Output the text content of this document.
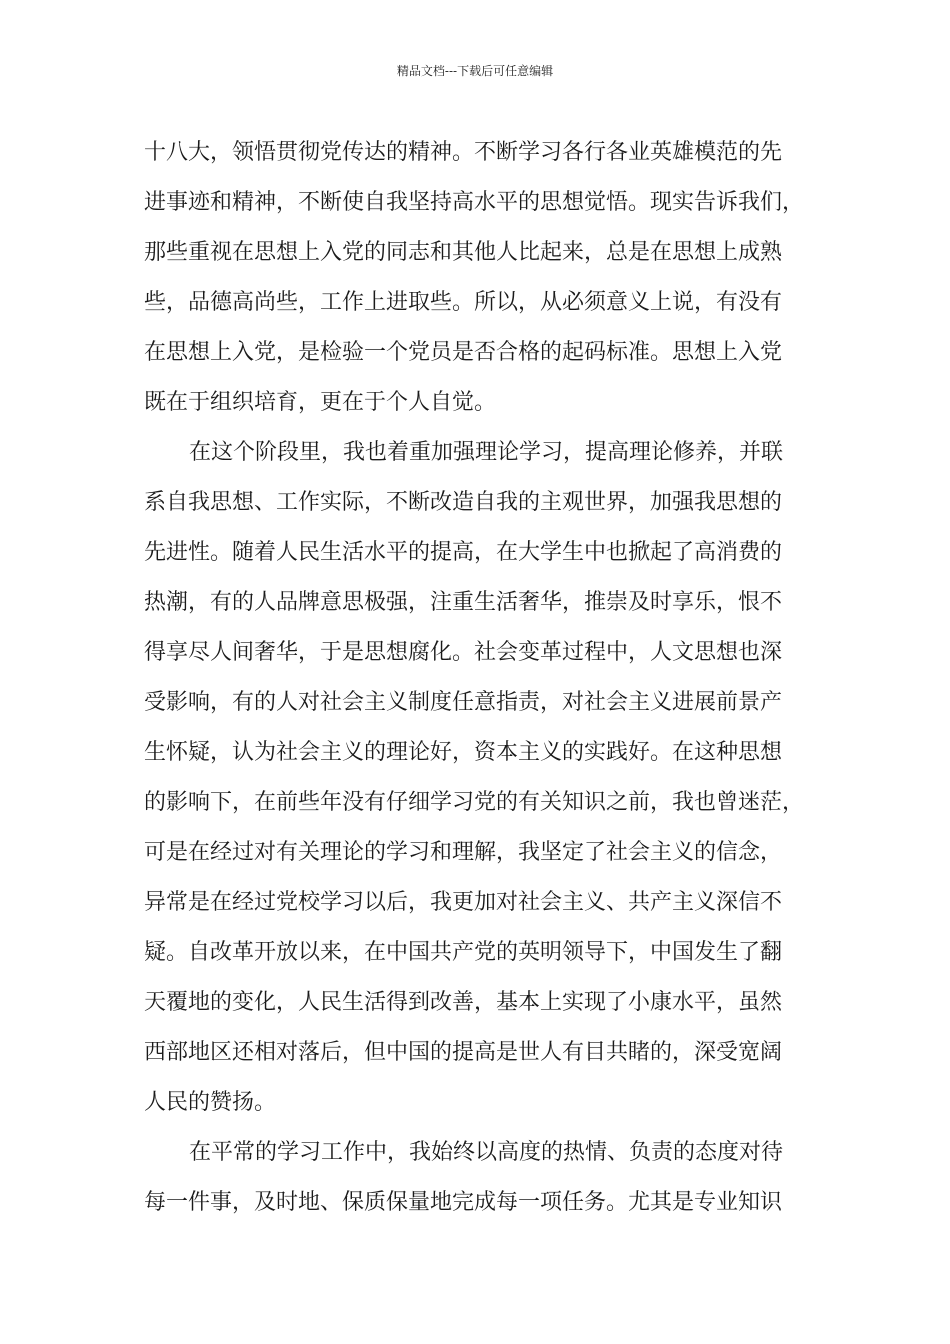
精品文档---下载后可任意编辑
十八大，领悟贯彻党传达的精神。不断学习各行各业英雄模范的先
进事迹和精神，不断使自我坚持高水平的思想觉悟。现实告诉我们，
那些重视在思想上入党的同志和其他人比起来，总是在思想上成熟
些，品德高尚些，工作上进取些。所以，从必须意义上说，有没有
在思想上入党，是检验一个党员是否合格的起码标准。思想上入党
既在于组织培育，更在于个人自觉。
在这个阶段里，我也着重加强理论学习，提高理论修养，并联
系自我思想、工作实际，不断改造自我的主观世界，加强我思想的
先进性。随着人民生活水平的提高，在大学生中也掀起了高消费的
热潮，有的人品牌意思极强，注重生活奢华，推崇及时享乐，恨不
得享尽人间奢华，于是思想腐化。社会变革过程中，人文思想也深
受影响，有的人对社会主义制度任意指责，对社会主义进展前景产
生怀疑，认为社会主义的理论好，资本主义的实践好。在这种思想
的影响下，在前些年没有仔细学习党的有关知识之前，我也曾迷茫，
可是在经过对有关理论的学习和理解，我坚定了社会主义的信念，
异常是在经过党校学习以后，我更加对社会主义、共产主义深信不
疑。自改革开放以来，在中国共产党的英明领导下，中国发生了翻
天覆地的变化，人民生活得到改善，基本上实现了小康水平，虽然
西部地区还相对落后，但中国的提高是世人有目共睹的，深受宽阔
人民的赞扬。
在平常的学习工作中，我始终以高度的热情、负责的态度对待
每一件事，及时地、保质保量地完成每一项任务。尤其是专业知识
